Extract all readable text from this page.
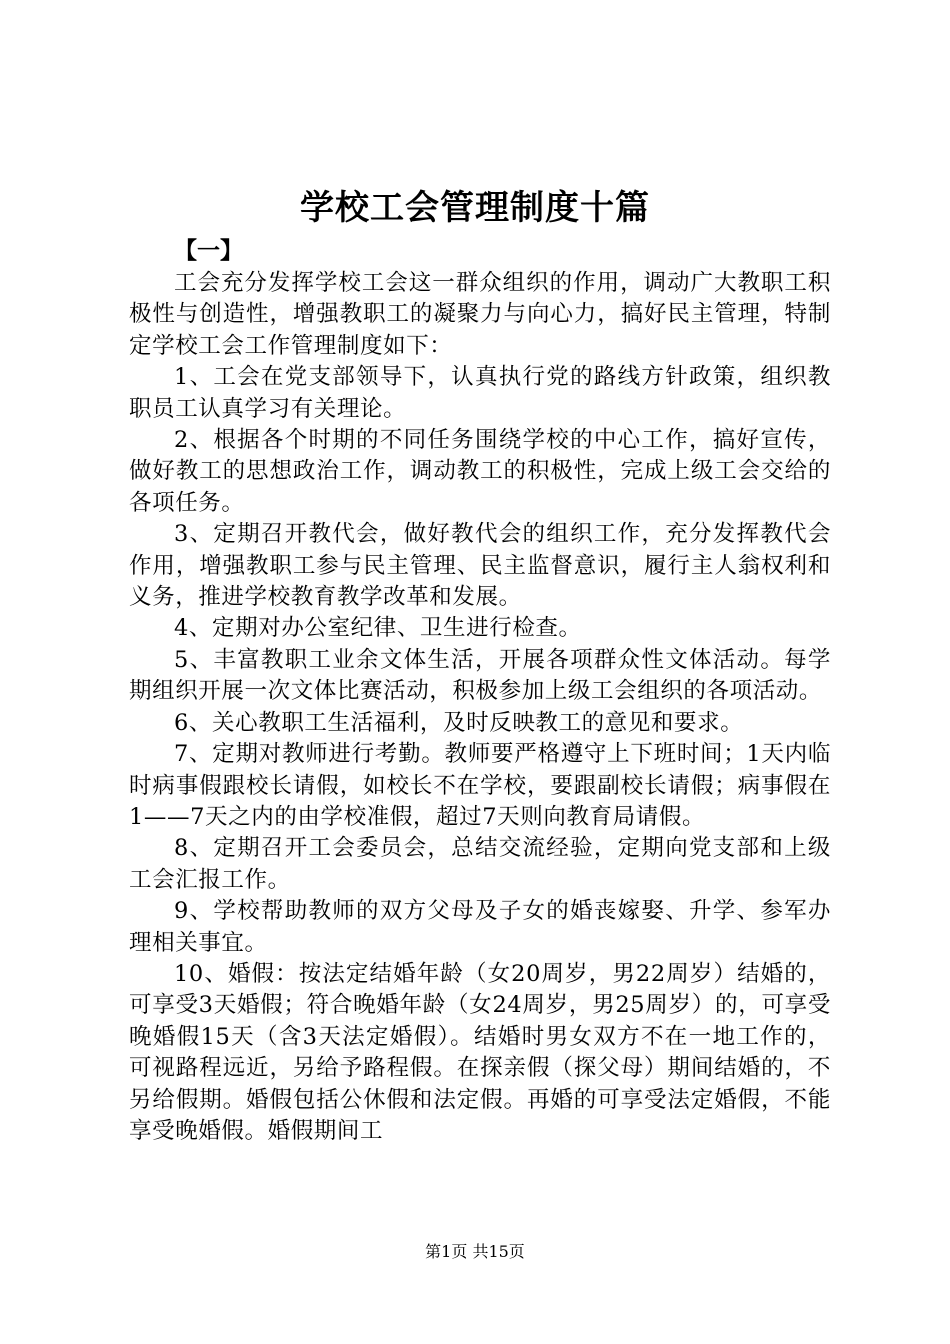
学校工会管理制度十篇
【一】

工会充分发挥学校工会这一群众组织的作用，调动广大教职工积极性与创造性，增强教职工的凝聚力与向心力，搞好民主管理，特制定学校工会工作管理制度如下：

1、工会在党支部领导下，认真执行党的路线方针政策，组织教职员工认真学习有关理论。

2、根据各个时期的不同任务围绕学校的中心工作，搞好宣传，做好教工的思想政治工作，调动教工的积极性，完成上级工会交给的各项任务。

3、定期召开教代会，做好教代会的组织工作，充分发挥教代会作用，增强教职工参与民主管理、民主监督意识，履行主人翁权利和义务，推进学校教育教学改革和发展。

4、定期对办公室纪律、卫生进行检查。

5、丰富教职工业余文体生活，开展各项群众性文体活动。每学期组织开展一次文体比赛活动，积极参加上级工会组织的各项活动。

6、关心教职工生活福利，及时反映教工的意见和要求。

7、定期对教师进行考勤。教师要严格遵守上下班时间；1天内临时病事假跟校长请假，如校长不在学校，要跟副校长请假；病事假在1——7天之内的由学校准假，超过7天则向教育局请假。

8、定期召开工会委员会，总结交流经验，定期向党支部和上级工会汇报工作。

9、学校帮助教师的双方父母及子女的婚丧嫁娶、升学、参军办理相关事宜。

10、婚假：按法定结婚年龄（女20周岁，男22周岁）结婚的，可享受3天婚假；符合晚婚年龄（女24周岁，男25周岁）的，可享受晚婚假15天（含3天法定婚假）。结婚时男女双方不在一地工作的，可视路程远近，另给予路程假。在探亲假（探父母）期间结婚的，不另给假期。婚假包括公休假和法定假。再婚的可享受法定婚假，不能享受晚婚假。婚假期间工

第1页 共15页
